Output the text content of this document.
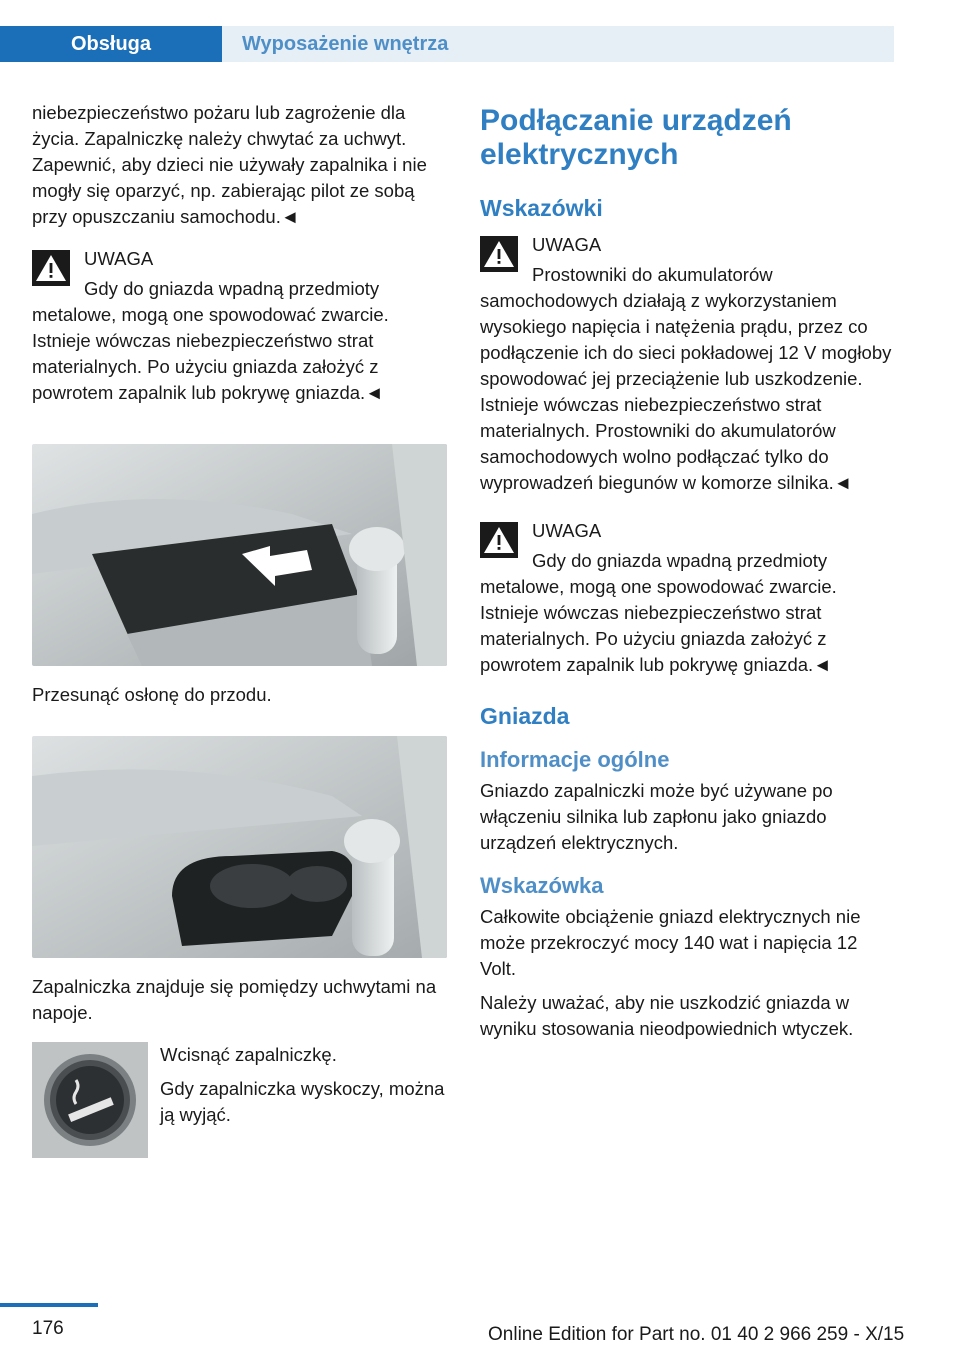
Obsługa	Wyposażenie wnętrza

niebezpieczeństwo pożaru lub zagrożenie dla życia. Zapalniczkę należy chwytać za uchwyt. Zapewnić, aby dzieci nie używały zapalnika i nie mogły się oparzyć, np. zabierając pilot ze sobą przy opuszczaniu samochodu.◄

UWAGA
Gdy do gniazda wpadną przedmioty metalowe, mogą one spowodować zwarcie. Istnieje wówczas niebezpieczeństwo strat materialnych. Po użyciu gniazda założyć z powrotem zapalnik lub pokrywę gniazda.◄

Przesunąć osłonę do przodu.

Zapalniczka znajduje się pomiędzy uchwytami na napoje.

Wcisnąć zapalniczkę.

Gdy zapalniczka wyskoczy, można ją wyjąć.

Podłączanie urządzeń elektrycznych
Wskazówki
UWAGA
Prostowniki do akumulatorów samochodowych działają z wykorzystaniem wysokiego napięcia i natężenia prądu, przez co podłączenie ich do sieci pokładowej 12 V mogłoby spowodować jej przeciążenie lub uszkodzenie. Istnieje wówczas niebezpieczeństwo strat materialnych. Prostowniki do akumulatorów samochodowych wolno podłączać tylko do wyprowadzeń biegunów w komorze silnika.◄
UWAGA
Gdy do gniazda wpadną przedmioty metalowe, mogą one spowodować zwarcie. Istnieje wówczas niebezpieczeństwo strat materialnych. Po użyciu gniazda założyć z powrotem zapalnik lub pokrywę gniazda.◄
Gniazda
Informacje ogólne

Gniazdo zapalniczki może być używane po włączeniu silnika lub zapłonu jako gniazdo urządzeń elektrycznych.

Wskazówka

Całkowite obciążenie gniazd elektrycznych nie może przekroczyć mocy 140 wat i napięcia 12 Volt.

Należy uważać, aby nie uszkodzić gniazda w wyniku stosowania nieodpowiednich wtyczek.

176	Online Edition for Part no. 01 40 2 966 259 - X/15
